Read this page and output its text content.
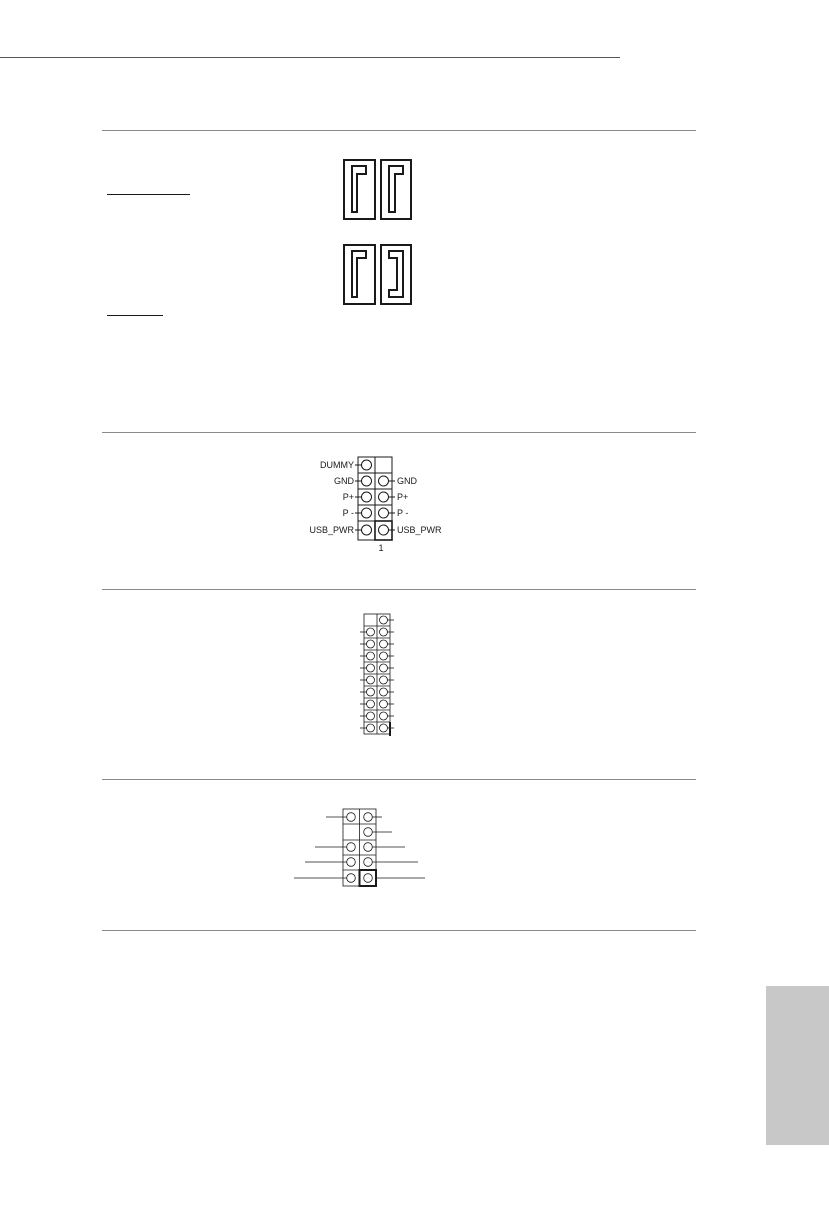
DUMMY
GND
P+
P -
USB_PWR
GND
P+
P -
USB_PWR
1
